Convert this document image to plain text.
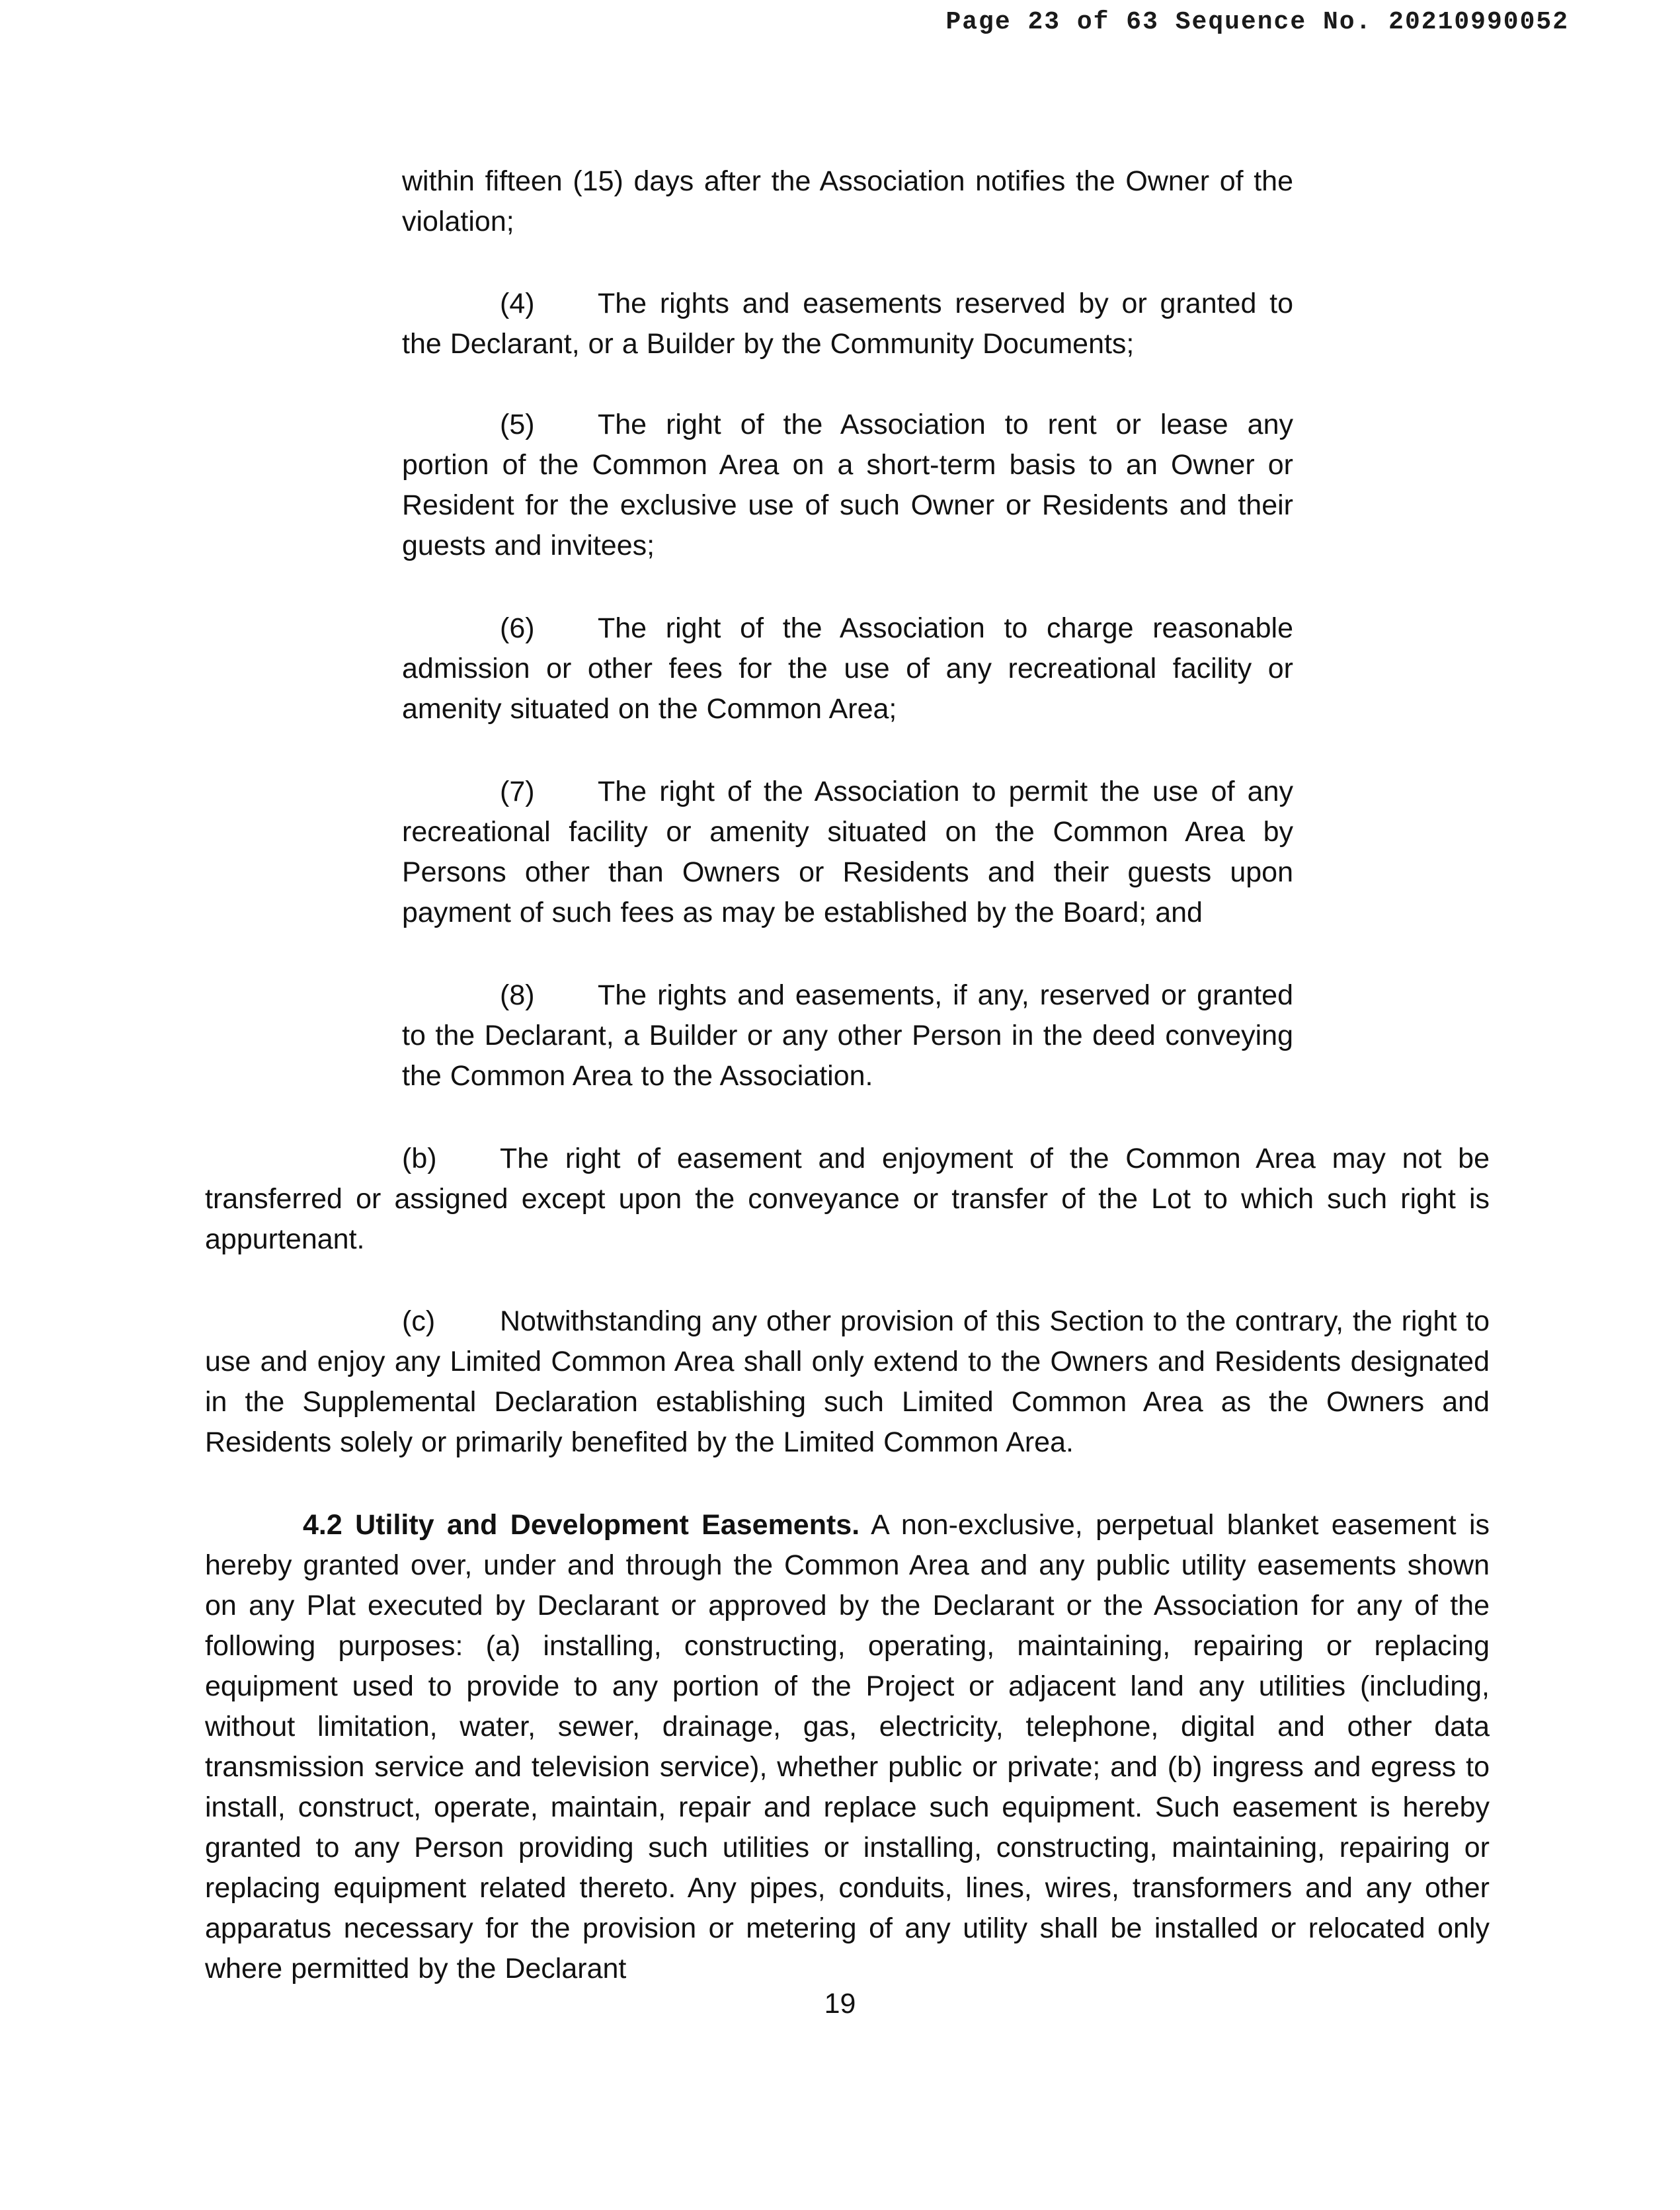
Page 23 of 63 Sequence No. 20210990052

within fifteen (15) days after the Association notifies the Owner of the violation;

(4) The rights and easements reserved by or granted to the Declarant, or a Builder by the Community Documents;

(5) The right of the Association to rent or lease any portion of the Common Area on a short-term basis to an Owner or Resident for the exclusive use of such Owner or Residents and their guests and invitees;

(6) The right of the Association to charge reasonable admission or other fees for the use of any recreational facility or amenity situated on the Common Area;

(7) The right of the Association to permit the use of any recreational facility or amenity situated on the Common Area by Persons other than Owners or Residents and their guests upon payment of such fees as may be established by the Board; and

(8) The rights and easements, if any, reserved or granted to the Declarant, a Builder or any other Person in the deed conveying the Common Area to the Association.

(b) The right of easement and enjoyment of the Common Area may not be transferred or assigned except upon the conveyance or transfer of the Lot to which such right is appurtenant.

(c) Notwithstanding any other provision of this Section to the contrary, the right to use and enjoy any Limited Common Area shall only extend to the Owners and Residents designated in the Supplemental Declaration establishing such Limited Common Area as the Owners and Residents solely or primarily benefited by the Limited Common Area.

4.2 Utility and Development Easements. A non-exclusive, perpetual blanket easement is hereby granted over, under and through the Common Area and any public utility easements shown on any Plat executed by Declarant or approved by the Declarant or the Association for any of the following purposes: (a) installing, constructing, operating, maintaining, repairing or replacing equipment used to provide to any portion of the Project or adjacent land any utilities (including, without limitation, water, sewer, drainage, gas, electricity, telephone, digital and other data transmission service and television service), whether public or private; and (b) ingress and egress to install, construct, operate, maintain, repair and replace such equipment. Such easement is hereby granted to any Person providing such utilities or installing, constructing, maintaining, repairing or replacing equipment related thereto. Any pipes, conduits, lines, wires, transformers and any other apparatus necessary for the provision or metering of any utility shall be installed or relocated only where permitted by the Declarant

19
